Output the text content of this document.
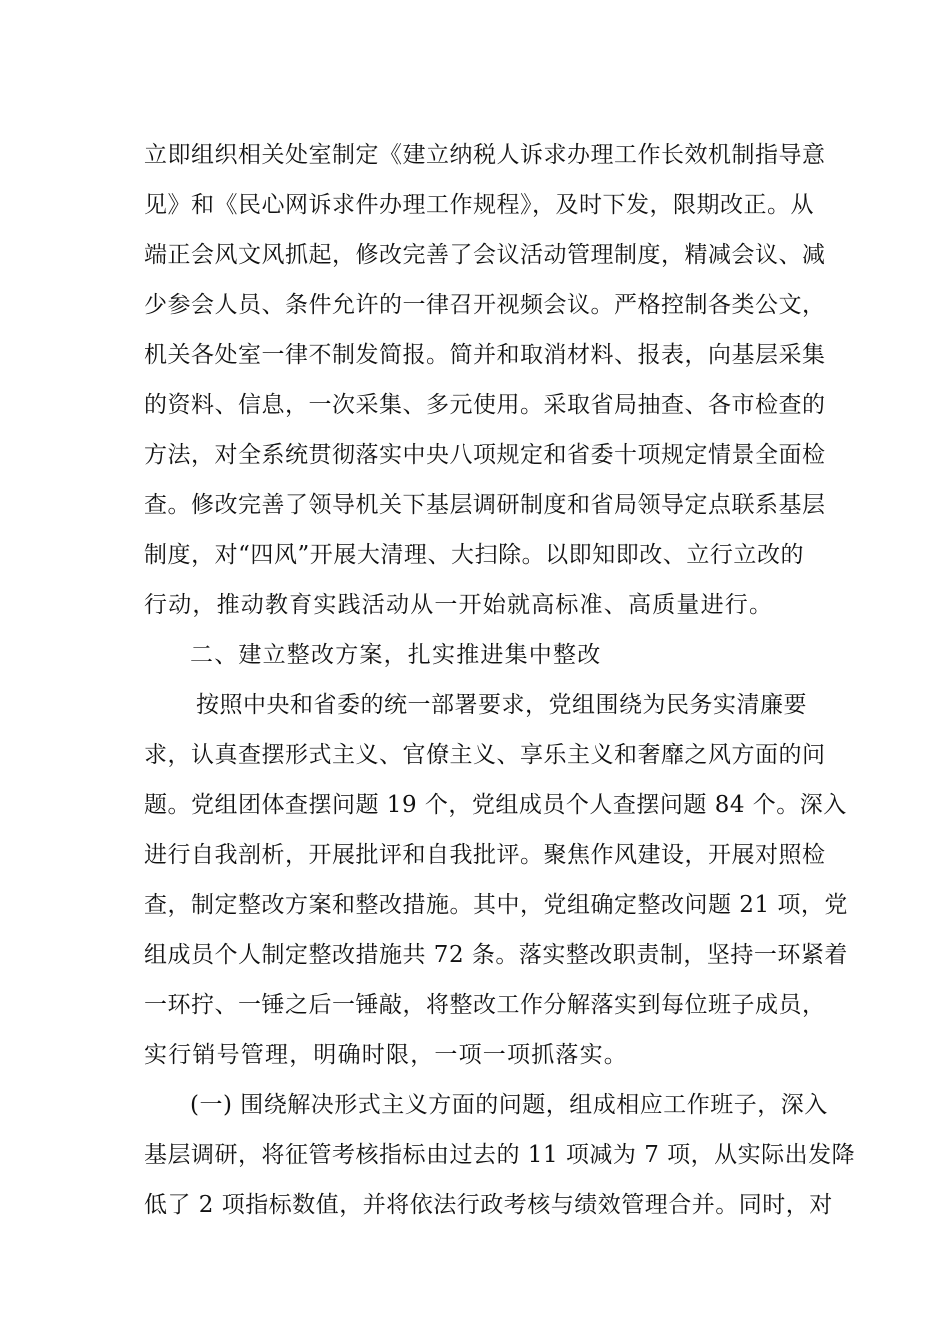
立即组织相关处室制定《建立纳税人诉求办理工作长效机制指导意
见》和《民心网诉求件办理工作规程》，及时下发，限期改正。从
端正会风文风抓起，修改完善了会议活动管理制度，精减会议、减
少参会人员、条件允许的一律召开视频会议。严格控制各类公文，
机关各处室一律不制发简报。简并和取消材料、报表，向基层采集
的资料、信息，一次采集、多元使用。采取省局抽查、各市检查的
方法，对全系统贯彻落实中央八项规定和省委十项规定情景全面检
查。修改完善了领导机关下基层调研制度和省局领导定点联系基层
制度，对“四风”开展大清理、大扫除。以即知即改、立行立改的
行动，推动教育实践活动从一开始就高标准、高质量进行。
二、建立整改方案，扎实推进集中整改
按照中央和省委的统一部署要求，党组围绕为民务实清廉要
求，认真查摆形式主义、官僚主义、享乐主义和奢靡之风方面的问
题。党组团体查摆问题 19 个，党组成员个人查摆问题 84 个。深入
进行自我剖析，开展批评和自我批评。聚焦作风建设，开展对照检
查，制定整改方案和整改措施。其中，党组确定整改问题 21 项，党
组成员个人制定整改措施共 72 条。落实整改职责制，坚持一环紧着
一环拧、一锤之后一锤敲，将整改工作分解落实到每位班子成员，
实行销号管理，明确时限，一项一项抓落实。
(一) 围绕解决形式主义方面的问题，组成相应工作班子，深入
基层调研，将征管考核指标由过去的 11 项减为 7 项，从实际出发降
低了 2 项指标数值，并将依法行政考核与绩效管理合并。同时，对
